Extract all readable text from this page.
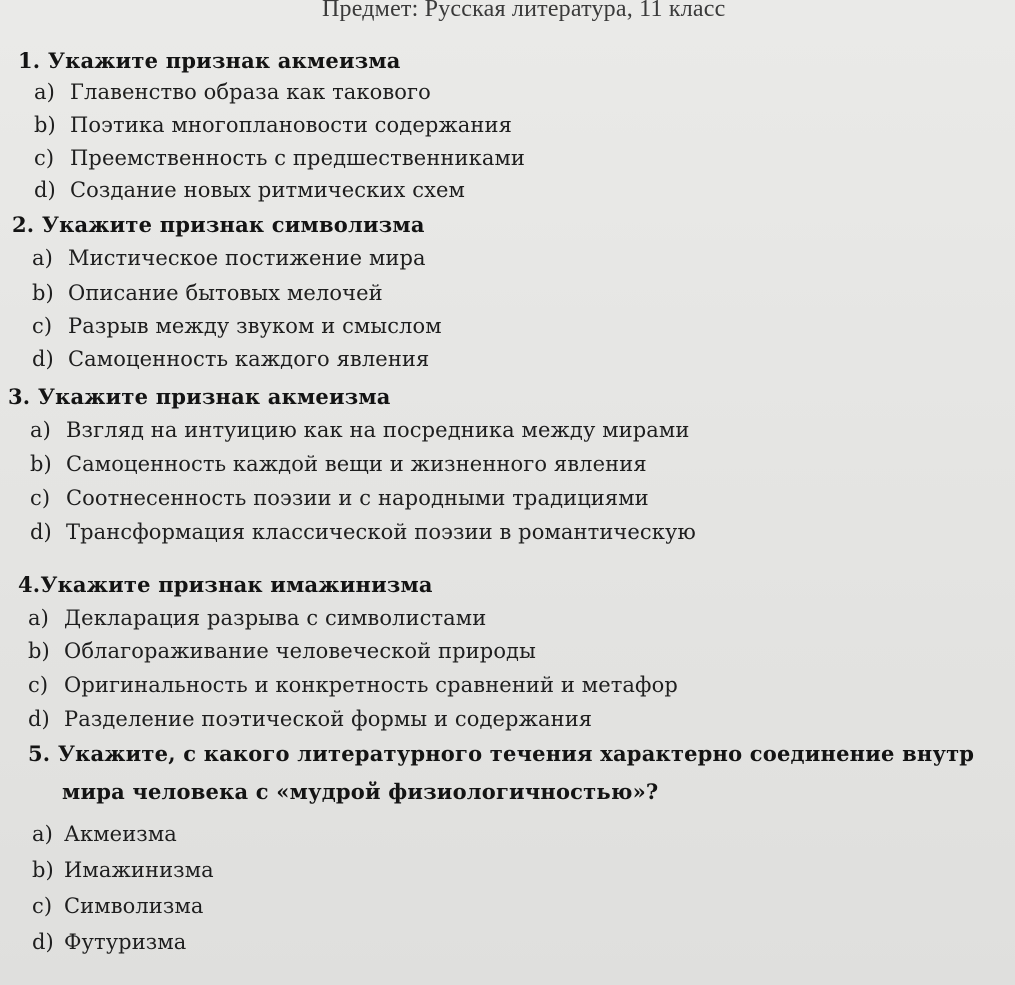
Предмет: Русская литература, 11 класс
1. Укажите признак акмеизма
a) Главенство образа как такового
b) Поэтика многоплановости содержания
c) Преемственность с предшественниками
d) Создание новых ритмических схем
2. Укажите признак символизма
a) Мистическое постижение мира
b) Описание бытовых мелочей
c) Разрыв между звуком и смыслом
d) Самоценность каждого явления
3. Укажите признак акмеизма
a) Взгляд на интуицию как на посредника между мирами
b) Самоценность каждой вещи и жизненного явления
c) Соотнесенность поэзии и с народными традициями
d) Трансформация классической поэзии в романтическую
4.Укажите признак имажинизма
a) Декларация разрыва с символистами
b) Облагораживание человеческой природы
c) Оригинальность и конкретность сравнений и метафор
d) Разделение поэтической формы и содержания
5. Укажите, с какого литературного течения характерно соединение внутр
мира человека с «мудрой физиологичностью»?
a) Акмеизма
b) Имажинизма
c) Символизма
d) Футуризма
